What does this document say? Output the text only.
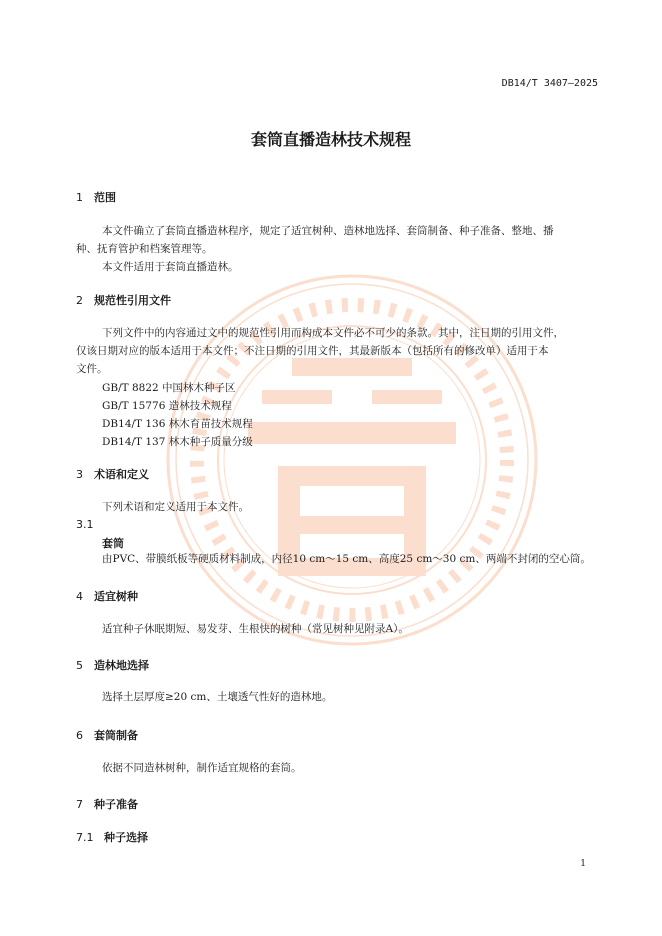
DB14/T 3407—2025
套筒直播造林技术规程
1 范围
本文件确立了套筒直播造林程序，规定了适宜树种、造林地选择、套筒制备、种子准备、整地、播
种、抚育管护和档案管理等。
本文件适用于套筒直播造林。
2 规范性引用文件
下列文件中的内容通过文中的规范性引用而构成本文件必不可少的条款。其中，注日期的引用文件，
仅该日期对应的版本适用于本文件；不注日期的引用文件，其最新版本（包括所有的修改单）适用于本
文件。
GB/T 8822 中国林木种子区
GB/T 15776 造林技术规程
DB14/T 136 林木育苗技术规程
DB14/T 137 林木种子质量分级
3 术语和定义
下列术语和定义适用于本文件。
3.1
套筒
由PVC、带膜纸板等硬质材料制成，内径10 cm～15 cm、高度25 cm～30 cm、两端不封闭的空心筒。
4 适宜树种
适宜种子休眠期短、易发芽、生根快的树种（常见树种见附录A）。
5 造林地选择
选择土层厚度≥20 cm、土壤透气性好的造林地。
6 套筒制备
依据不同造林树种，制作适宜规格的套筒。
7 种子准备
7.1 种子选择
1
